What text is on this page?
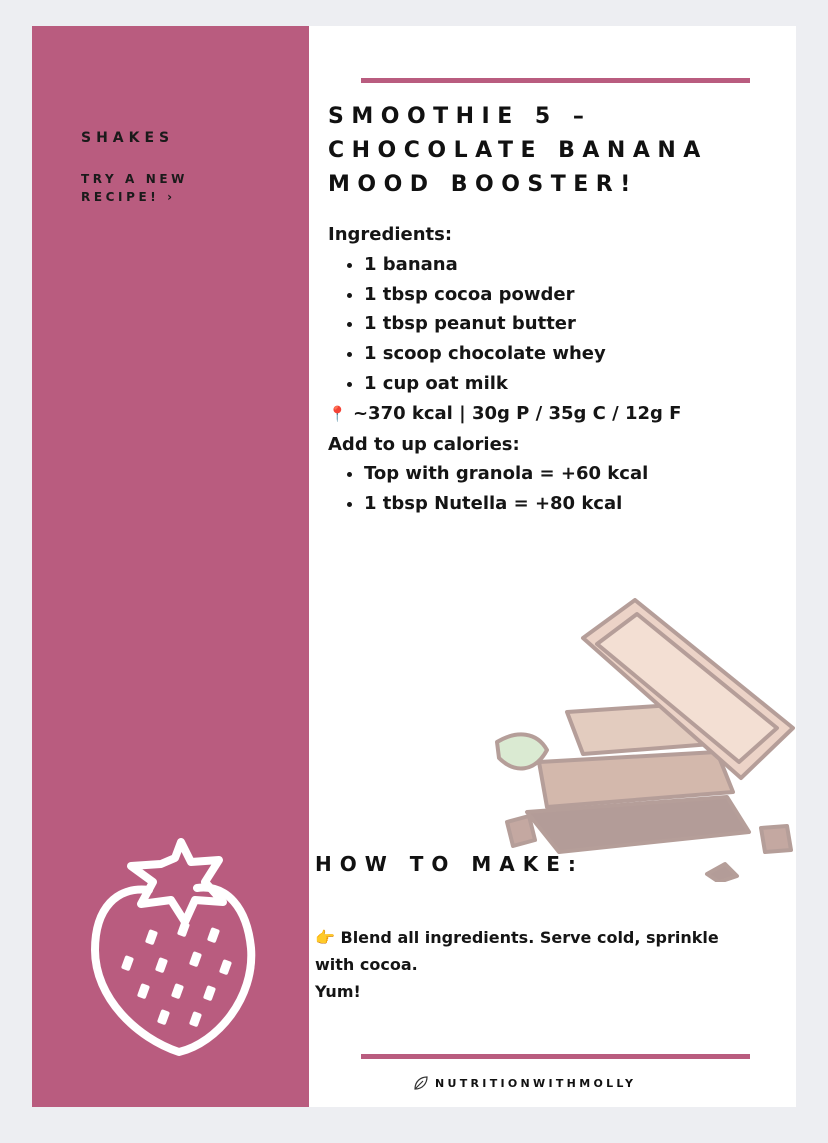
SHAKES
TRY A NEW RECIPE! ›
SMOOTHIE 5 – CHOCOLATE BANANA MOOD BOOSTER!
Ingredients:
• 1 banana
• 1 tbsp cocoa powder
• 1 tbsp peanut butter
• 1 scoop chocolate whey
• 1 cup oat milk
📍 ~370 kcal | 30g P / 35g C / 12g F
Add to up calories:
• Top with granola = +60 kcal
• 1 tbsp Nutella = +80 kcal
HOW TO MAKE:

👉 Blend all ingredients. Serve cold, sprinkle with cocoa.

Yum!

NUTRITIONWITHMOLLY
